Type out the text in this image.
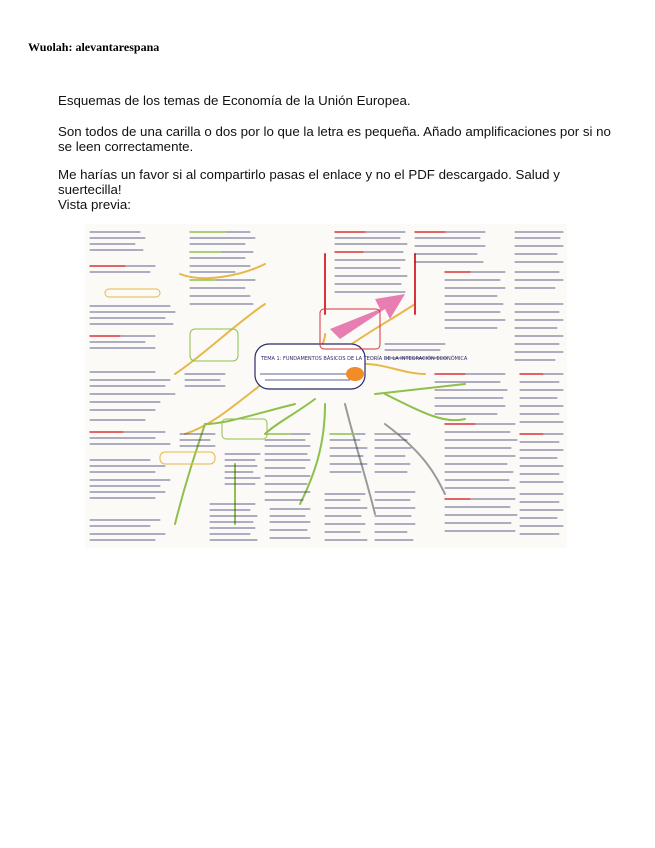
Wuolah: alevantarespana
Esquemas de los temas de Economía de la Unión Europea.
Son todos de una carilla o dos por lo que la letra es pequeña. Añado amplificaciones por si no se leen correctamente.
Me harías un favor si al compartirlo pasas el enlace y no el PDF descargado. Salud y suertecilla!
Vista previa:
TEMA 1: FUNDAMENTOS BÁSICOS DE LA TEORÍA DE LA INTEGRACIÓN ECONÓMICA
